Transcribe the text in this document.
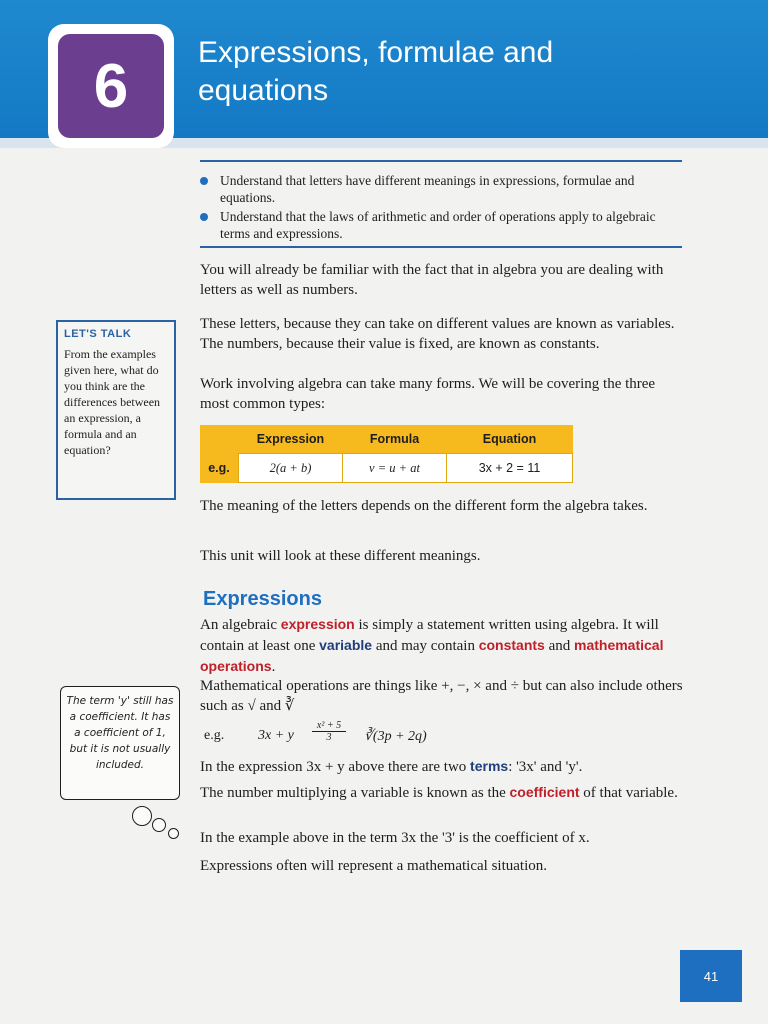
6	Expressions, formulae and
equations
Understand that letters have different meanings in expressions, formulae and equations.
Understand that the laws of arithmetic and order of operations apply to algebraic terms and expressions.

You will already be familiar with the fact that in algebra you are dealing with letters as well as numbers.

These letters, because they can take on different values are known as variables. The numbers, because their value is fixed, are known as constants.

Work involving algebra can take many forms. We will be covering the three most common types:

LET'S TALK
From the examples given here, what do you think are the differences between an expression, a formula and an equation?
	Expression	Formula	Equation
e.g.	2(a + b)	v = u + at	3x + 2 = 11

The meaning of the letters depends on the different form the algebra takes.

This unit will look at these different meanings.

Expressions

An algebraic expression is simply a statement written using algebra. It will contain at least one variable and may contain constants and mathematical operations.

Mathematical operations are things like +, −, × and ÷ but can also include others such as √ and ∛

e.g. 3x + y
x² + 5
3	∛(3p + 2q)

In the expression 3x + y above there are two terms: '3x' and 'y'.

The number multiplying a variable is known as the coefficient of that variable.

In the example above in the term 3x the '3' is the coefficient of x.

Expressions often will represent a mathematical situation.

The term 'y' still has a coefficient. It has a coefficient of 1, but it is not usually included.
41
